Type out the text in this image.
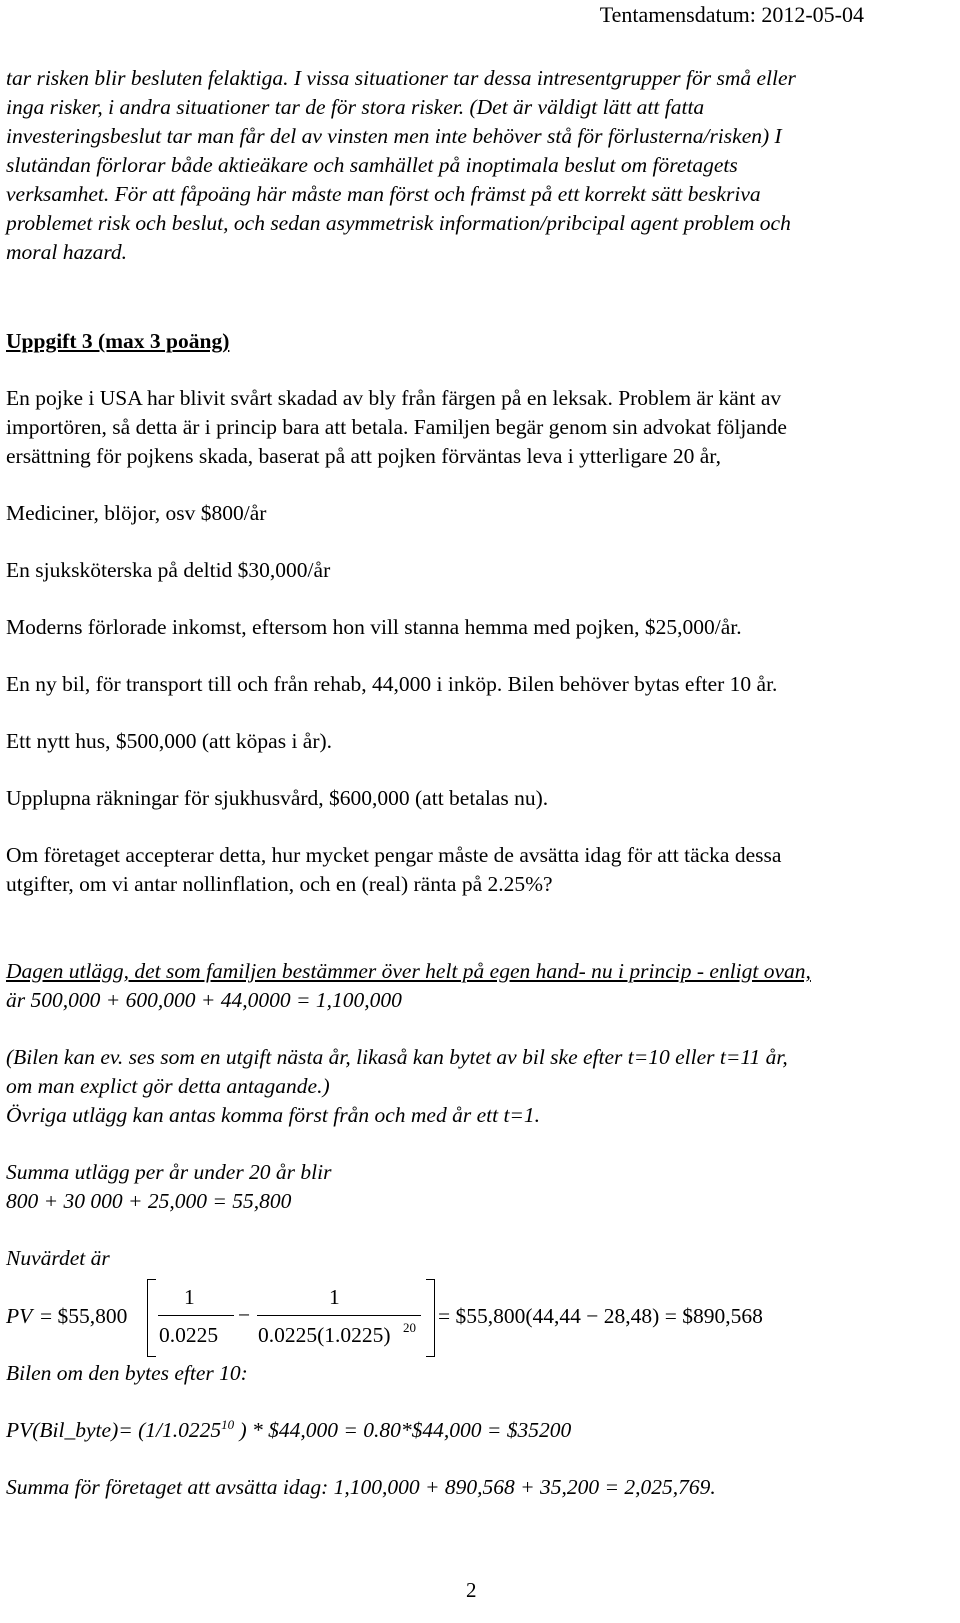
Tentamensdatum: 2012-05-04

tar risken blir besluten felaktiga. I vissa situationer tar dessa intresentgrupper för små eller

inga risker, i andra situationer tar de för stora risker. (Det är väldigt lätt att fatta

investeringsbeslut tar man får del av vinsten men inte behöver stå för förlusterna/risken) I

slutändan förlorar både aktieäkare och samhället på inoptimala beslut om företagets

verksamhet. För att fåpoäng här måste man först och främst på ett korrekt sätt beskriva

problemet risk och beslut, och sedan asymmetrisk information/pribcipal agent problem och

moral hazard.

Uppgift 3 (max 3 poäng)

En pojke i USA har blivit svårt skadad av bly från färgen på en leksak. Problem är känt av

importören, så detta är i princip bara att betala. Familjen begär genom sin advokat följande

ersättning för pojkens skada, baserat på att pojken förväntas leva i ytterligare 20 år,

Mediciner, blöjor, osv $800/år

En sjuksköterska på deltid $30,000/år

Moderns förlorade inkomst, eftersom hon vill stanna hemma med pojken, $25,000/år.

En ny bil, för transport till och från rehab, 44,000 i inköp. Bilen behöver bytas efter 10 år.

Ett nytt hus, $500,000 (att köpas i år).

Upplupna räkningar för sjukhusvård, $600,000 (att betalas nu).

Om företaget accepterar detta, hur mycket pengar måste de avsätta idag för att täcka dessa

utgifter, om vi antar nollinflation, och en (real) ränta på 2.25%?

Dagen utlägg, det som familjen bestämmer över helt på egen hand- nu i princip - enligt ovan,

är 500,000 + 600,000 + 44,0000 = 1,100,000

(Bilen kan ev. ses som en utgift nästa år, likaså kan bytet av bil ske efter t=10 eller t=11 år,

om man explict gör detta antagande.)

Övriga utlägg kan antas komma först från och med år ett t=1.

Summa utlägg per år under 20 år blir

800 + 30 000 + 25,000 = 55,800

Nuvärdet är

PV = $55,800
1
0.0225
−
1
0.0225(1.0225) 20 = $55,800(44,44 − 28,48) = $890,568

Bilen om den bytes efter 10:

PV(Bil_byte)= ($1/1.0225^{10}$ ) * $44,000 = 0.80*$44,000 = $35200

Summa för företaget att avsätta idag: 1,100,000 + 890,568 + 35,200 = 2,025,769.

2
